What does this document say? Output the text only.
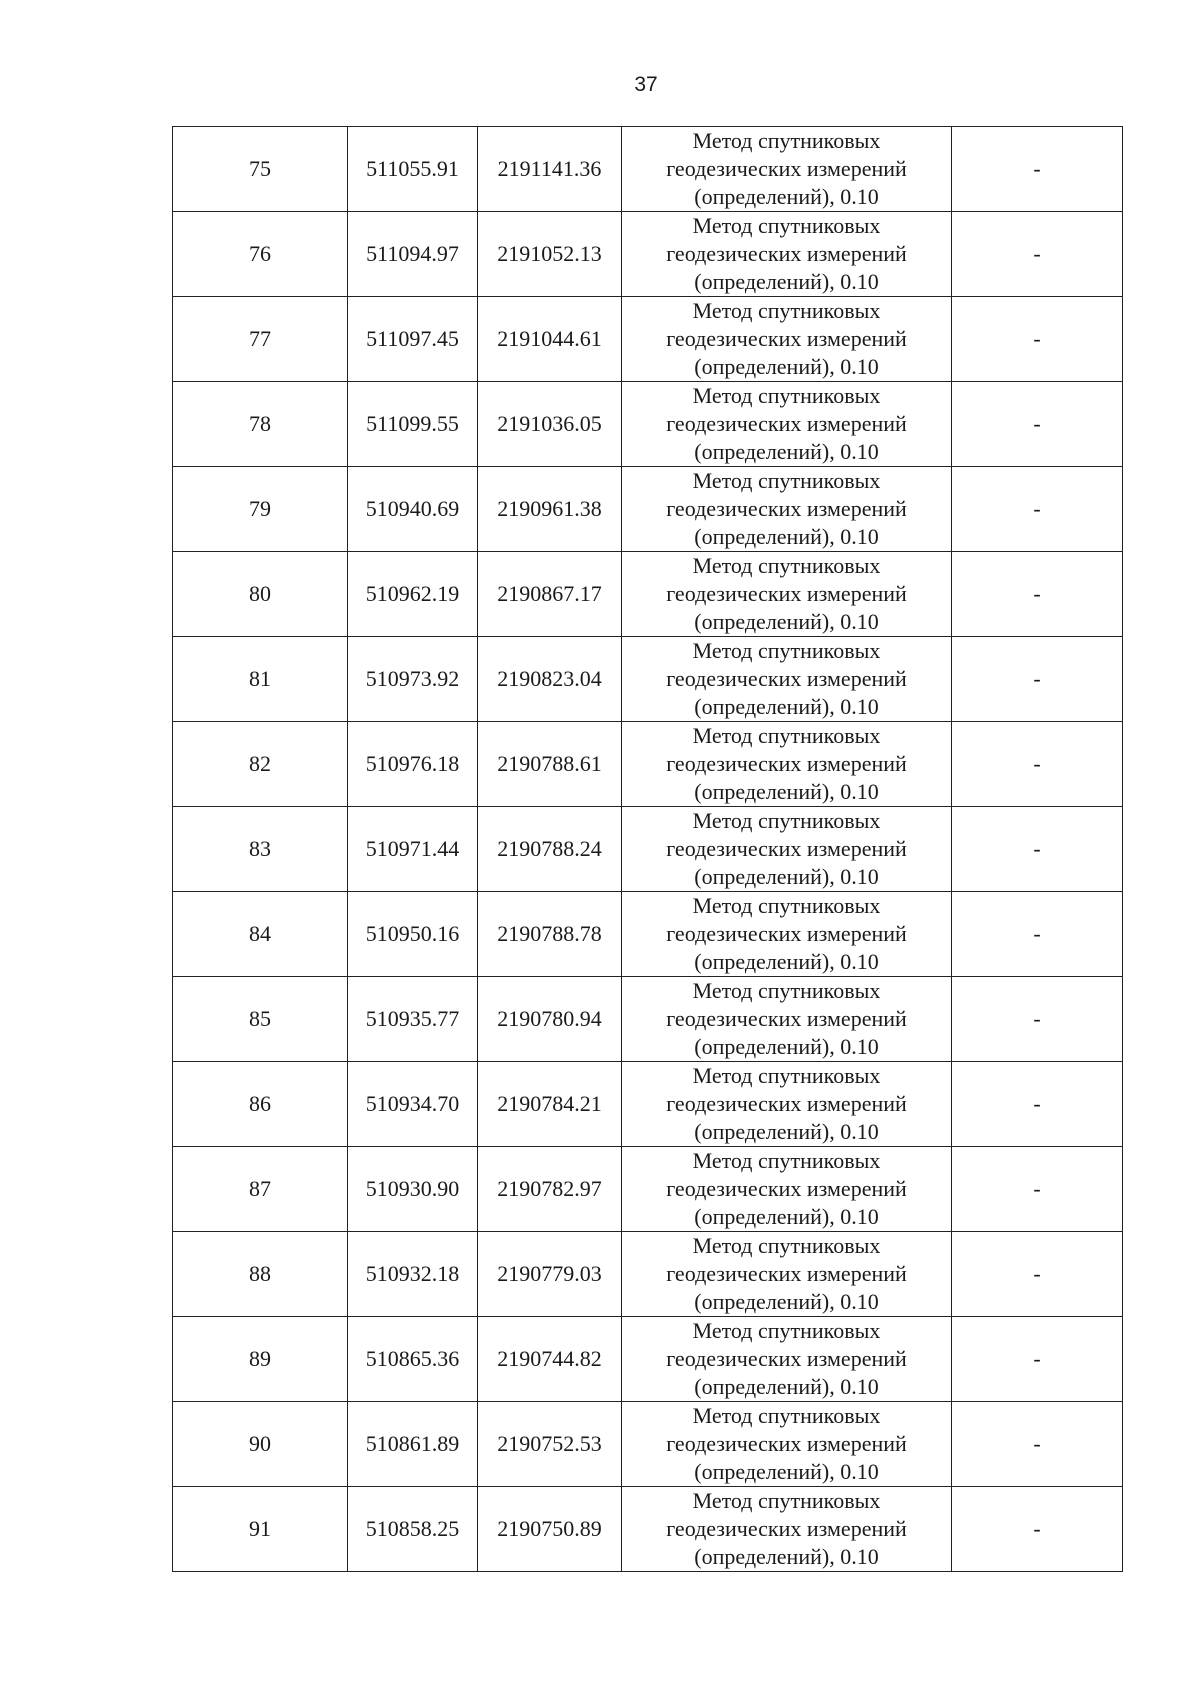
37
75	511055.91	2191141.36	Метод спутниковых геодезических измерений (определений), 0.10	-
76	511094.97	2191052.13	Метод спутниковых геодезических измерений (определений), 0.10	-
77	511097.45	2191044.61	Метод спутниковых геодезических измерений (определений), 0.10	-
78	511099.55	2191036.05	Метод спутниковых геодезических измерений (определений), 0.10	-
79	510940.69	2190961.38	Метод спутниковых геодезических измерений (определений), 0.10	-
80	510962.19	2190867.17	Метод спутниковых геодезических измерений (определений), 0.10	-
81	510973.92	2190823.04	Метод спутниковых геодезических измерений (определений), 0.10	-
82	510976.18	2190788.61	Метод спутниковых геодезических измерений (определений), 0.10	-
83	510971.44	2190788.24	Метод спутниковых геодезических измерений (определений), 0.10	-
84	510950.16	2190788.78	Метод спутниковых геодезических измерений (определений), 0.10	-
85	510935.77	2190780.94	Метод спутниковых геодезических измерений (определений), 0.10	-
86	510934.70	2190784.21	Метод спутниковых геодезических измерений (определений), 0.10	-
87	510930.90	2190782.97	Метод спутниковых геодезических измерений (определений), 0.10	-
88	510932.18	2190779.03	Метод спутниковых геодезических измерений (определений), 0.10	-
89	510865.36	2190744.82	Метод спутниковых геодезических измерений (определений), 0.10	-
90	510861.89	2190752.53	Метод спутниковых геодезических измерений (определений), 0.10	-
91	510858.25	2190750.89	Метод спутниковых геодезических измерений (определений), 0.10	-
